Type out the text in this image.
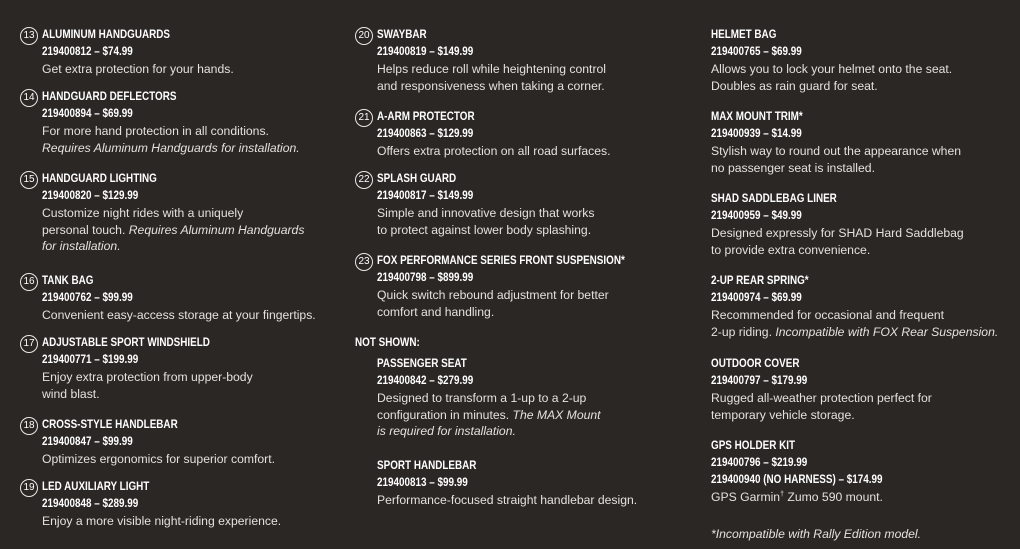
13 ALUMINUM HANDGUARDS
219400812 – $74.99
Get extra protection for your hands.
14 HANDGUARD DEFLECTORS
219400894 – $69.99
For more hand protection in all conditions.
Requires Aluminum Handguards for installation.
15 HANDGUARD LIGHTING
219400820 – $129.99
Customize night rides with a uniquely
personal touch. Requires Aluminum Handguards
for installation.
16 TANK BAG
219400762 – $99.99
Convenient easy-access storage at your fingertips.
17 ADJUSTABLE SPORT WINDSHIELD
219400771 – $199.99
Enjoy extra protection from upper-body
wind blast.
18 CROSS-STYLE HANDLEBAR
219400847 – $99.99
Optimizes ergonomics for superior comfort.
19 LED AUXILIARY LIGHT
219400848 – $289.99
Enjoy a more visible night-riding experience.
20 SWAYBAR
219400819 – $149.99
Helps reduce roll while heightening control
and responsiveness when taking a corner.
21 A-ARM PROTECTOR
219400863 – $129.99
Offers extra protection on all road surfaces.
22 SPLASH GUARD
219400817 – $149.99
Simple and innovative design that works
to protect against lower body splashing.
23 FOX PERFORMANCE SERIES FRONT SUSPENSION*
219400798 – $899.99
Quick switch rebound adjustment for better
comfort and handling.
NOT SHOWN:
PASSENGER SEAT
219400842 – $279.99
Designed to transform a 1-up to a 2-up
configuration in minutes. The MAX Mount
is required for installation.
SPORT HANDLEBAR
219400813 – $99.99
Performance-focused straight handlebar design.
HELMET BAG
219400765 – $69.99
Allows you to lock your helmet onto the seat.
Doubles as rain guard for seat.
MAX MOUNT TRIM*
219400939 – $14.99
Stylish way to round out the appearance when
no passenger seat is installed.
SHAD SADDLEBAG LINER
219400959 – $49.99
Designed expressly for SHAD Hard Saddlebag
to provide extra convenience.
2-UP REAR SPRING*
219400974 – $69.99
Recommended for occasional and frequent
2-up riding. Incompatible with FOX Rear Suspension.
OUTDOOR COVER
219400797 – $179.99
Rugged all-weather protection perfect for
temporary vehicle storage.
GPS HOLDER KIT
219400796 – $219.99
219400940 (NO HARNESS) – $174.99
GPS Garmin† Zumo 590 mount.
*Incompatible with Rally Edition model.
